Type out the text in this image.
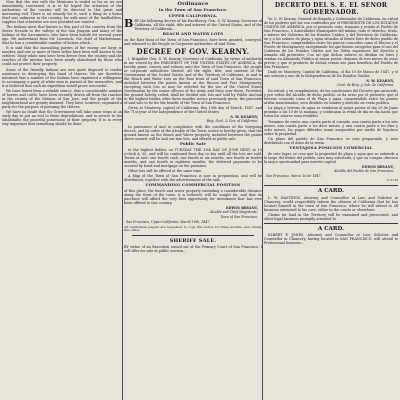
Now that the war with the Mexicans is ended so far as we are immediately concerned, it is to be hoped the attention of the authorities of the country will be directed to this great and increasing evil. There is no remedy for it, such a thing as a horse thief was unknown in the country, for with most of the landholders, supplies that otherwise are now provided are wanted...

The Indians most that known to this part of the country from the Sierra Nevada to the valleys of the San Joaquin and many of the Indians of the Sacramento, who have been hostile for several years ago. We understand from Mr. Livestock, the chief of Mackelumne, that he has a considerable number of horses which...

It is said that the marauding parties of the enemy are large in number, and one or more of these tribes have been well known to the settlers. Many white men have been driven from the country and the ranchos of the interior have been nearly abandoned by those who could not protect their property.

Some of the friendly Indians are now quite disposed to render assistance in destroying this band of thieves. We are therefore informed that a number of the Indians have expressed a willingness to accompany a party of white men in pursuit of the marauders, and it is believed that such an expedition would prove successful...

We have learnt from a reliable source, that a considerable number of horses and cattle, have been recently driven off from the ranchos in the vicinity of the Mission of San Jose, and the people of the neighbourhood are greatly alarmed. They have, however, organized a party for the purpose of pursuing the thieves.

We have no doubt that the Government will take some steps at an early day to put an end to these depredations, and to secure to the inhabitants the peaceful possession of their property. It is in every way important that something should be done.

Ordinance
In the Town of San Francisco.
UPPER CALIFORNIA.

BBY the following decree of his Excellency, Gen. S. W. Kearny, Governor of California, all the right, title and interest of the United States, and of the Territory of California...

BEACH AND WATER LOTS

on the East front of the Town of San Francisco, have been granted, conveyed, and released to the People or Corporate authorities of said Town.

DECREE OF GOV. KEARNY.

I, Brigadier Gen. S. W. Kearny, Governor of California, by virtue of authority in me vested by the PRESIDENT OF THE UNITED STATES OF AMERICA, do hereby grant, convey, and release unto the Town of San Francisco, the people or corporate authorities thereof, all the right, title, and interest of the Government of the United States, and of the Territory of California, in and to the Beach and Water Lots on the East front of said Town of San Francisco, included between the points known as the Rincon and Fort Montgomery, excepting such lots as may be selected for the use of the United States Government by the senior officers of the Army and Navy now there; Provided, the ground hereby ceded, shall be divided into lots and sold by Public Auction to the highest bidder, after three months' notice previously given; the proceeds of said sale to be for the benefit of the Town of San Francisco.

Given at Monterey, capital of California, this 10th day of March, 1847, and the 71st year of the Independence of the United States.

S. W. KEARNY,
Brig. Genl. & Gov. of California.

In pursuance of and in compliance with the conditions of the foregoing decree, and by order of the Alcalde of the Town, notice is hereby given, that the ground known as the Beach and Water property, included between the points above named, will be laid out into lots, and offered at public sale.

Public Sale

to the highest bidder, on TUESDAY THE 29th DAY OF JUNE NEXT, at 10 o'clock A. M., and will be continued from day to day until all the lots are sold. Terms of sale: one fourth cash, one fourth in six months, one fourth in twelve months, and one fourth in eighteen months, the deferred payments to be secured by bond and mortgage on the premises.

Other lots will be offered at the same time.

A Map of the Town of San Francisco is now in preparation, and will be distributed, together with the advertisement of the sale.

COMMANDING COMMERCIAL POSITION

of this place, the beach and water property extending a considerable distance along the front of the town, it is believed, will be sought for, and that its purchase will afford the very best opportunity for investment that has ever been offered in this country.

EDWIN BRYANT,
Alcalde and Chief Magistrate,
Town of San Francisco.
San Francisco, Upper California, March 16th, 1847.

All Californian papers are requested to copy this notice for three months, and charge this office.

SHERIFF SALE.

BY virtue of an Execution issued out of the Primary Court of San Francisco, I will offer for sale at public auction...

DECRETO DEL S. E. EL SENOR GOBERNADOR.

Yo, S. W. Kearny, General de Brigada y Gobernador de California, en virtud de los poderes que me son conferidos por el PRESIDENTE DE LOS ESTADOS UNIDOS DE AMERICA, por el presente cedo, traspaso y remito al Pueblo de San Francisco, o Autoridades Municipales del mismo, todo el derecho, titulo, e interes del Gobierno de los Estados Unidos, y del Territorio de California, en y a los solares de playa y agua situados al frente Este de dicho pueblo de San Francisco, comprendidos entre los puntos conocidos como el Rincon y el Fuerte de Montgomery, exceptuando los que fuesen escogidos para el uso del Gobierno de los Estados Unidos por los Gefes superiores del Ejercito y Armada alli presentes; Con tal que dichos solares se dividan en lotes y vendan en Almoneda Publica al mejor postor, despues de tres meses de aviso previo; y que el producto de dichas ventas sea para beneficio del Pueblo de San Francisco.

Dado en Monterey, Capital de California, el dia 10 de Marzo de 1847, y el ano setenta y uno de la Independencia de los Estados Unidos.

S. W. KEARNY,
Genl. de Brig. y Gob. de California.

En virtud, y en cumplimiento, de las condiciones del Decreto que antecede, y por orden del Alcalde de dicho pueblo, se da aviso por el presente, que el terreno conocido como el de Playa y Agua, comprendido entre los puntos arriba mencionados, sera dividido en solares y ofrecido en venta publica.

La playa y terreno de agua se venderan al mejor postor el dia 29 de Junio proximo a las 10 de la manana, y continuara la venta de dia en dia hasta que todos los solares sean vendidos.

Terminos de venta: una cuarta parte al contado, una cuarta parte a los seis meses, una cuarta parte a los doce meses, y una cuarta parte a los diez y ocho meses; los pagos diferidos seran asegurados por medio de hipoteca sobre la propiedad.

Un plano del pueblo de San Francisco se esta preparando, y sera distribuido con el aviso de la venta.

VENTAJOSA POSICION COMERCIAL

de este lugar, se cree que la propiedad de playa y agua que se extiende a lo largo del frente del pueblo, sera muy solicitada, y que su compra ofrecera la mejor oportunidad para invertir capital.

EDWIN BRYANT,
Alcalde del Pueblo de San Francisco.
San Francisco, Marzo 16 de 1847.
(13-18)
A CARD.

L. W. HASTINGS, Attorney and Counsellor at Law, and Solicitor in Chancery, would respectfully inform the citizens of California that he has located himself in the town of San Francisco, where he will attend to all business entrusted to his care, either in the courts or elsewhere.

Claims for land in the Territory will be examined and prosecuted, and other legal business promptly attended to.

A CARD.

ELBERT P. JONES, Attorney and Counsellor at Law, Solicitor and Counsellor in Chancery, having located in SAN FRANCISCO, will attend to Professional business...
